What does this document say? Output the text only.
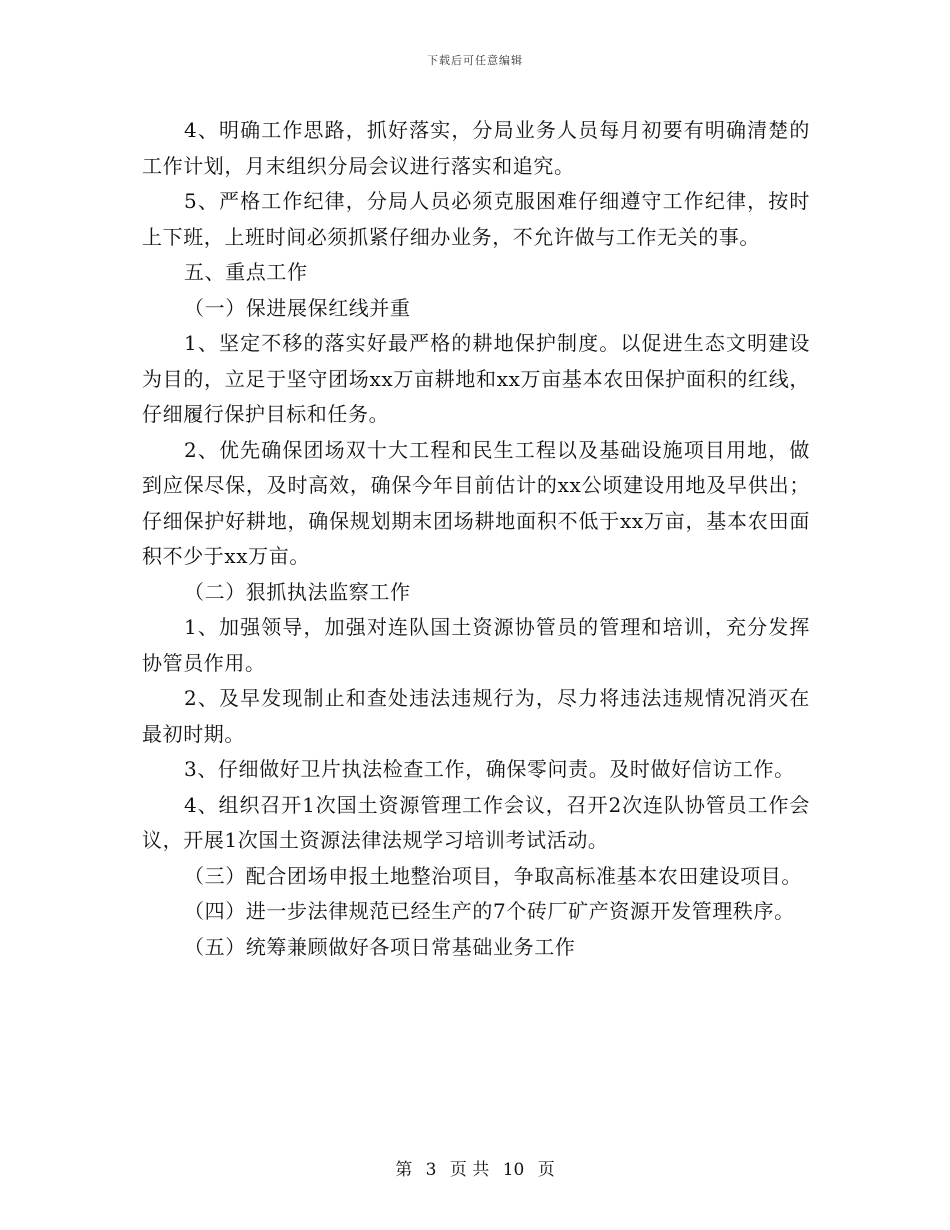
下载后可任意编辑

4、明确工作思路，抓好落实，分局业务人员每月初要有明确清楚的工作计划，月末组织分局会议进行落实和追究。

5、严格工作纪律，分局人员必须克服困难仔细遵守工作纪律，按时上下班，上班时间必须抓紧仔细办业务，不允许做与工作无关的事。

五、重点工作

（一）保进展保红线并重

1、坚定不移的落实好最严格的耕地保护制度。以促进生态文明建设为目的，立足于坚守团场xx万亩耕地和xx万亩基本农田保护面积的红线，仔细履行保护目标和任务。

2、优先确保团场双十大工程和民生工程以及基础设施项目用地，做到应保尽保，及时高效，确保今年目前估计的xx公顷建设用地及早供出；仔细保护好耕地，确保规划期末团场耕地面积不低于xx万亩，基本农田面积不少于xx万亩。

（二）狠抓执法监察工作

1、加强领导，加强对连队国土资源协管员的管理和培训，充分发挥协管员作用。

2、及早发现制止和查处违法违规行为，尽力将违法违规情况消灭在最初时期。

3、仔细做好卫片执法检查工作，确保零问责。及时做好信访工作。

4、组织召开1次国土资源管理工作会议，召开2次连队协管员工作会议，开展1次国土资源法律法规学习培训考试活动。

（三）配合团场申报土地整治项目，争取高标准基本农田建设项目。

（四）进一步法律规范已经生产的7个砖厂矿产资源开发管理秩序。

（五）统筹兼顾做好各项日常基础业务工作

第 3 页 共 10 页
